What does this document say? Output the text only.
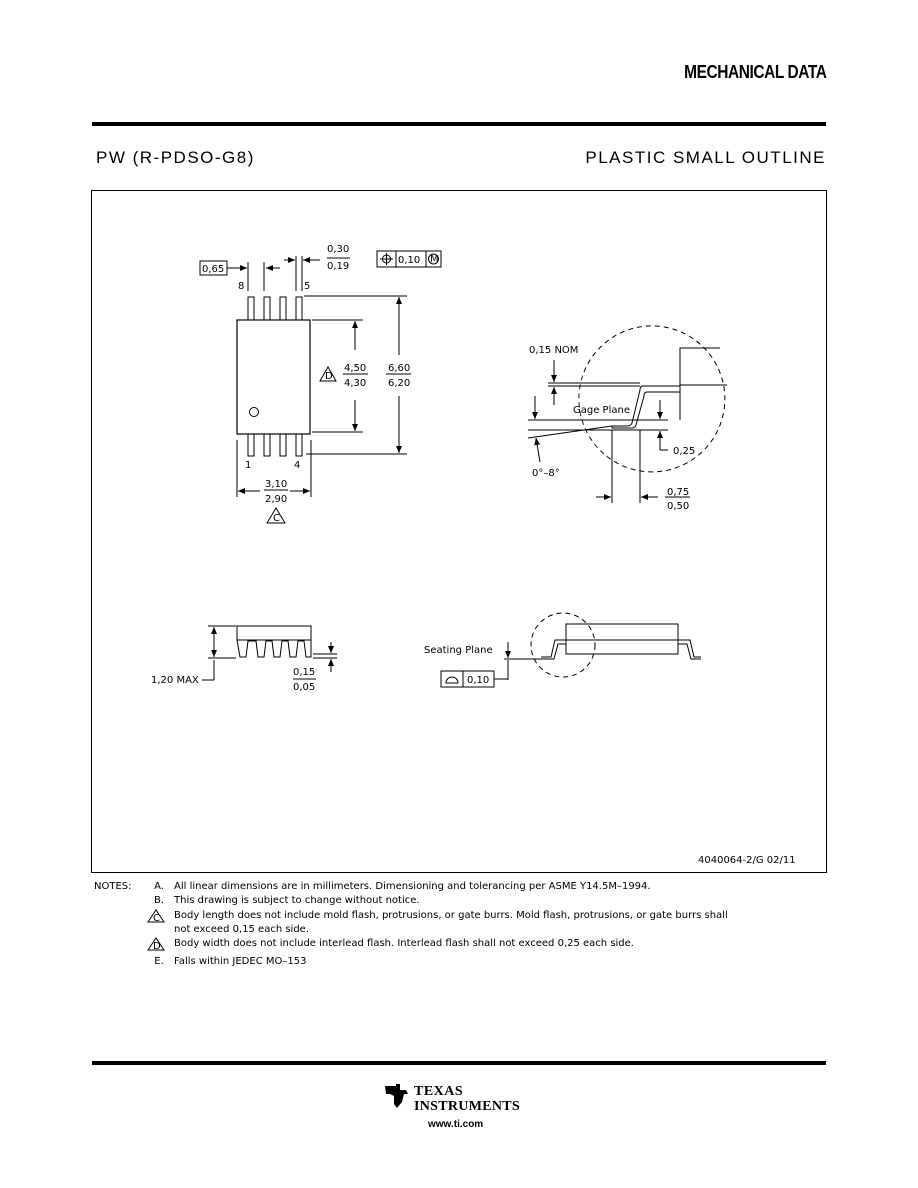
MECHANICAL DATA
PW (R-PDSO-G8)	PLASTIC SMALL OUTLINE
0,65
0,30
0,19
0,10 M
8	5
1	4
4,50
4,30
6,60
6,20
D
3,10
2,90
C
0,15 NOM
Gage Plane
0,25
0°–8°
0,75
0,50
1,20 MAX
0,15
0,05
Seating Plane
0,10
4040064-2/G 02/11
NOTES: A. All linear dimensions are in millimeters. Dimensioning and tolerancing per ASME Y14.5M–1994.
B. This drawing is subject to change without notice.
C Body length does not include mold flash, protrusions, or gate burrs. Mold flash, protrusions, or gate burrs shall
not exceed 0,15 each side.
D Body width does not include interlead flash. Interlead flash shall not exceed 0,25 each side.
E. Falls within JEDEC MO–153
TEXAS
INSTRUMENTS
www.ti.com
